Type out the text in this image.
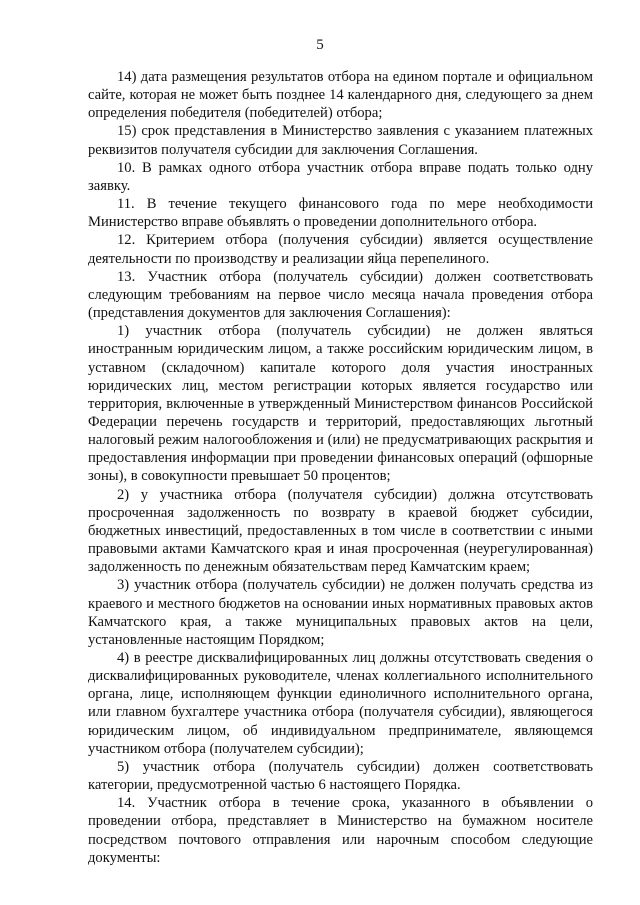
5

14) дата размещения результатов отбора на едином портале и официальном сайте, которая не может быть позднее 14 календарного дня, следующего за днем определения победителя (победителей) отбора;

15) срок представления в Министерство заявления с указанием платежных реквизитов получателя субсидии для заключения Соглашения.

10. В рамках одного отбора участник отбора вправе подать только одну заявку.

11. В течение текущего финансового года по мере необходимости Министерство вправе объявлять о проведении дополнительного отбора.

12. Критерием отбора (получения субсидии) является осуществление деятельности по производству и реализации яйца перепелиного.

13. Участник отбора (получатель субсидии) должен соответствовать следующим требованиям на первое число месяца начала проведения отбора (представления документов для заключения Соглашения):

1) участник отбора (получатель субсидии) не должен являться иностранным юридическим лицом, а также российским юридическим лицом, в уставном (складочном) капитале которого доля участия иностранных юридических лиц, местом регистрации которых является государство или территория, включенные в утвержденный Министерством финансов Российской Федерации перечень государств и территорий, предоставляющих льготный налоговый режим налогообложения и (или) не предусматривающих раскрытия и предоставления информации при проведении финансовых операций (офшорные зоны), в совокупности превышает 50 процентов;

2) у участника отбора (получателя субсидии) должна отсутствовать просроченная задолженность по возврату в краевой бюджет субсидии, бюджетных инвестиций, предоставленных в том числе в соответствии с иными правовыми актами Камчатского края и иная просроченная (неурегулированная) задолженность по денежным обязательствам перед Камчатским краем;

3) участник отбора (получатель субсидии) не должен получать средства из краевого и местного бюджетов на основании иных нормативных правовых актов Камчатского края, а также муниципальных правовых актов на цели, установленные настоящим Порядком;

4) в реестре дисквалифицированных лиц должны отсутствовать сведения о дисквалифицированных руководителе, членах коллегиального исполнительного органа, лице, исполняющем функции единоличного исполнительного органа, или главном бухгалтере участника отбора (получателя субсидии), являющегося юридическим лицом, об индивидуальном предпринимателе, являющемся участником отбора (получателем субсидии);

5) участник отбора (получатель субсидии) должен соответствовать категории, предусмотренной частью 6 настоящего Порядка.

14. Участник отбора в течение срока, указанного в объявлении о проведении отбора, представляет в Министерство на бумажном носителе посредством почтового отправления или нарочным способом следующие документы:
